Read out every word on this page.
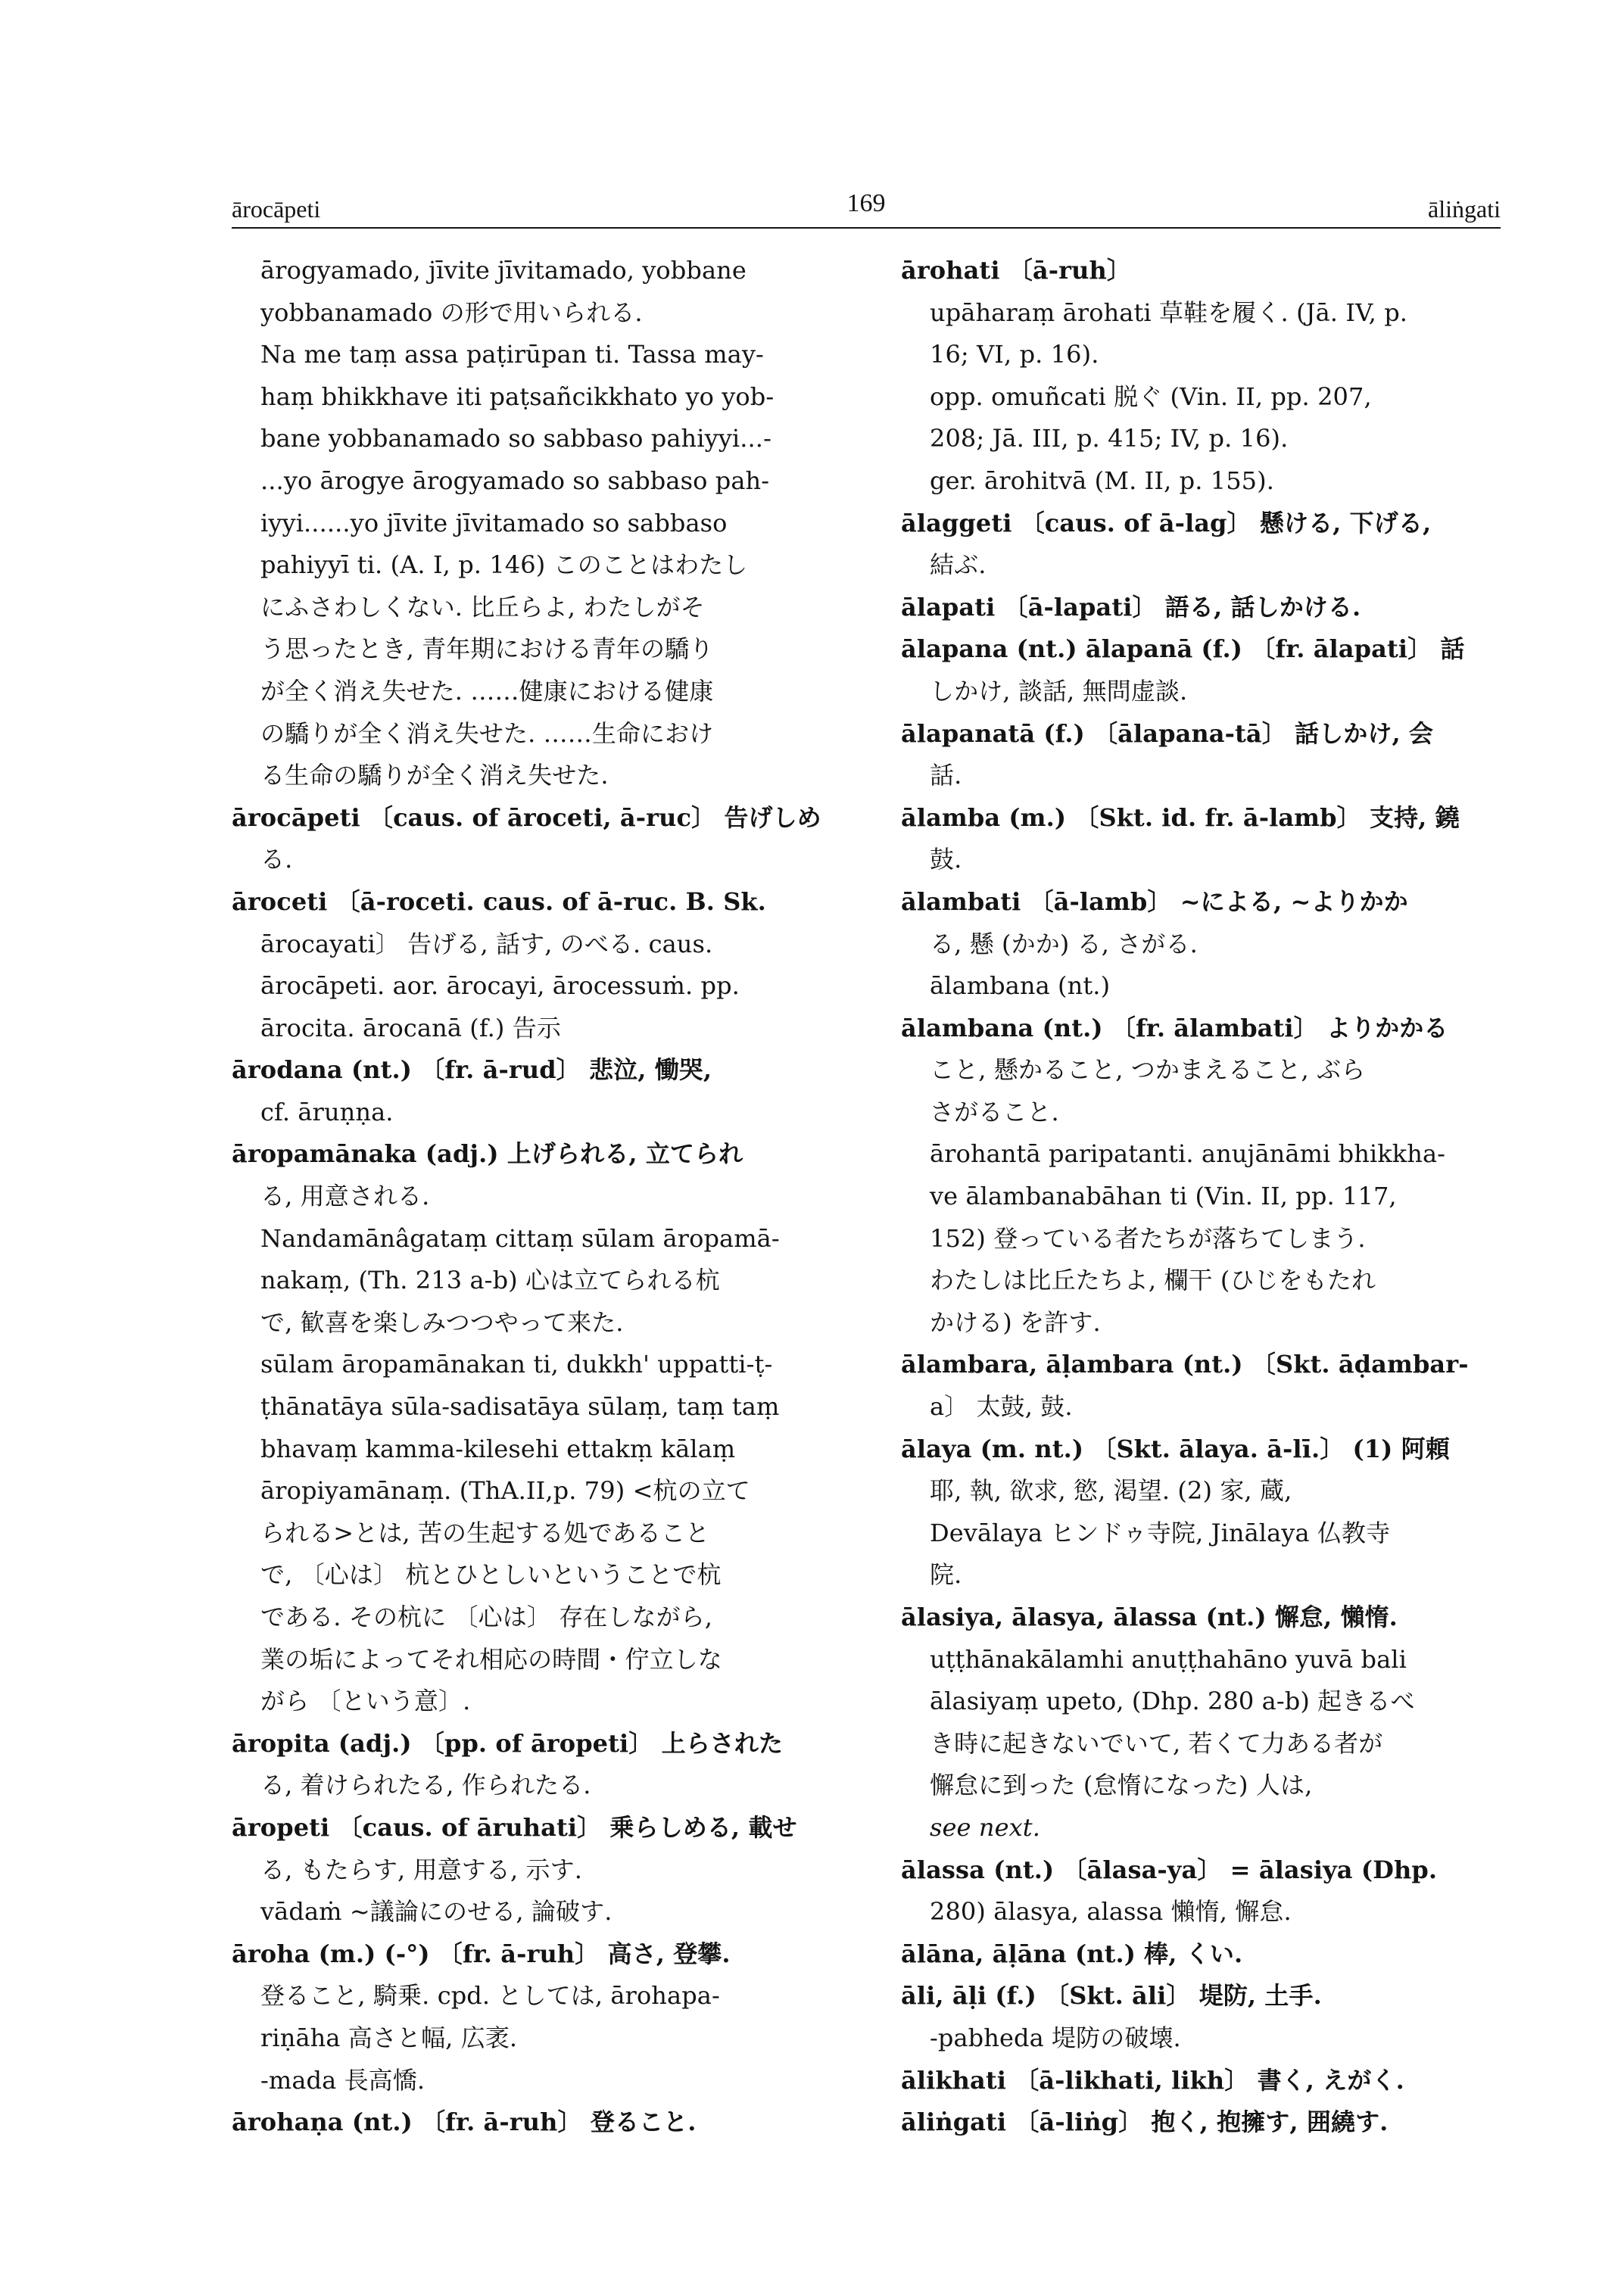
ārocāpeti	169	āliṅgati
ārogyamado, jīvite jīvitamado, yobbane
yobbanamado の形で用いられる.
Na me taṃ assa paṭirūpan ti. Tassa may-
haṃ bhikkhave iti paṭsañcikkhato yo yob-
bane yobbanamado so sabbaso pahiyyi...-
...yo ārogye ārogyamado so sabbaso pah-
iyyi......yo jīvite jīvitamado so sabbaso
pahiyyī ti. (A. I, p. 146) このことはわたし
にふさわしくない. 比丘らよ, わたしがそ
う思ったとき, 青年期における青年の驕り
が全く消え失せた. ……健康における健康
の驕りが全く消え失せた. ……生命におけ
る生命の驕りが全く消え失せた.
ārocāpeti 〔caus. of āroceti, ā-ruc〕 告げしめ
る.
āroceti 〔ā-roceti. caus. of ā-ruc. B. Sk.
ārocayati〕 告げる, 話す, のべる. caus.
ārocāpeti. aor. ārocayi, ārocessuṁ. pp.
ārocita. ārocanā (f.) 告示
ārodana (nt.) 〔fr. ā-rud〕 悲泣, 慟哭,
cf. āruṇṇa.
āropamānaka (adj.) 上げられる, 立てられ
る, 用意される.
Nandamānâgataṃ cittaṃ sūlam āropamā-
nakaṃ, (Th. 213 a-b) 心は立てられる杭
で, 歓喜を楽しみつつやって来た.
sūlam āropamānakan ti, dukkh' uppatti-ṭ-
ṭhānatāya sūla-sadisatāya sūlaṃ, taṃ taṃ
bhavaṃ kamma-kilesehi ettakṃ kālaṃ
āropiyamānaṃ. (ThA.II,p. 79) <杭の立て
られる>とは, 苦の生起する処であること
で, 〔心は〕 杭とひとしいということで杭
である. その杭に 〔心は〕 存在しながら,
業の垢によってそれ相応の時間・佇立しな
がら 〔という意〕.
āropita (adj.) 〔pp. of āropeti〕 上らされた
る, 着けられたる, 作られたる.
āropeti 〔caus. of āruhati〕 乗らしめる, 載せ
る, もたらす, 用意する, 示す.
vādaṁ ~議論にのせる, 論破す.
āroha (m.) (-°) 〔fr. ā-ruh〕 高さ, 登攀.
登ること, 騎乗. cpd. としては, ārohapa-
riṇāha 高さと幅, 広袤.
-mada 長高憍.
ārohaṇa (nt.) 〔fr. ā-ruh〕 登ること.
ārohati 〔ā-ruh〕
upāharaṃ ārohati 草鞋を履く. (Jā. IV, p.
16; VI, p. 16).
opp. omuñcati 脱ぐ (Vin. II, pp. 207,
208; Jā. III, p. 415; IV, p. 16).
ger. ārohitvā (M. II, p. 155).
ālaggeti 〔caus. of ā-lag〕 懸ける, 下げる,
結ぶ.
ālapati 〔ā-lapati〕 語る, 話しかける.
ālapana (nt.) ālapanā (f.) 〔fr. ālapati〕 話
しかけ, 談話, 無問虚談.
ālapanatā (f.) 〔ālapana-tā〕 話しかけ, 会
話.
ālamba (m.) 〔Skt. id. fr. ā-lamb〕 支持, 鐃
鼓.
ālambati 〔ā-lamb〕 ~による, ~よりかか
る, 懸 (かか) る, さがる.
ālambana (nt.)
ālambana (nt.) 〔fr. ālambati〕 よりかかる
こと, 懸かること, つかまえること, ぶら
さがること.
ārohantā paripatanti. anujānāmi bhikkha-
ve ālambanabāhan ti (Vin. II, pp. 117,
152) 登っている者たちが落ちてしまう.
わたしは比丘たちよ, 欄干 (ひじをもたれ
かける) を許す.
ālambara, āḷambara (nt.) 〔Skt. āḍambar-
a〕 太鼓, 鼓.
ālaya (m. nt.) 〔Skt. ālaya. ā-lī.〕 (1) 阿頼
耶, 執, 欲求, 慾, 渇望. (2) 家, 蔵,
Devālaya ヒンドゥ寺院, Jinālaya 仏教寺
院.
ālasiya, ālasya, ālassa (nt.) 懈怠, 懶惰.
uṭṭhānakālamhi anuṭṭhahāno yuvā bali
ālasiyaṃ upeto, (Dhp. 280 a-b) 起きるべ
き時に起きないでいて, 若くて力ある者が
懈怠に到った (怠惰になった) 人は,
see next.
ālassa (nt.) 〔ālasa-ya〕 = ālasiya (Dhp.
280) ālasya, alassa 懶惰, 懈怠.
ālāna, āḷāna (nt.) 棒, くい.
āli, āḷi (f.) 〔Skt. āli〕 堤防, 土手.
-pabheda 堤防の破壊.
ālikhati 〔ā-likhati, likh〕 書く, えがく.
āliṅgati 〔ā-liṅg〕 抱く, 抱擁す, 囲繞す.
